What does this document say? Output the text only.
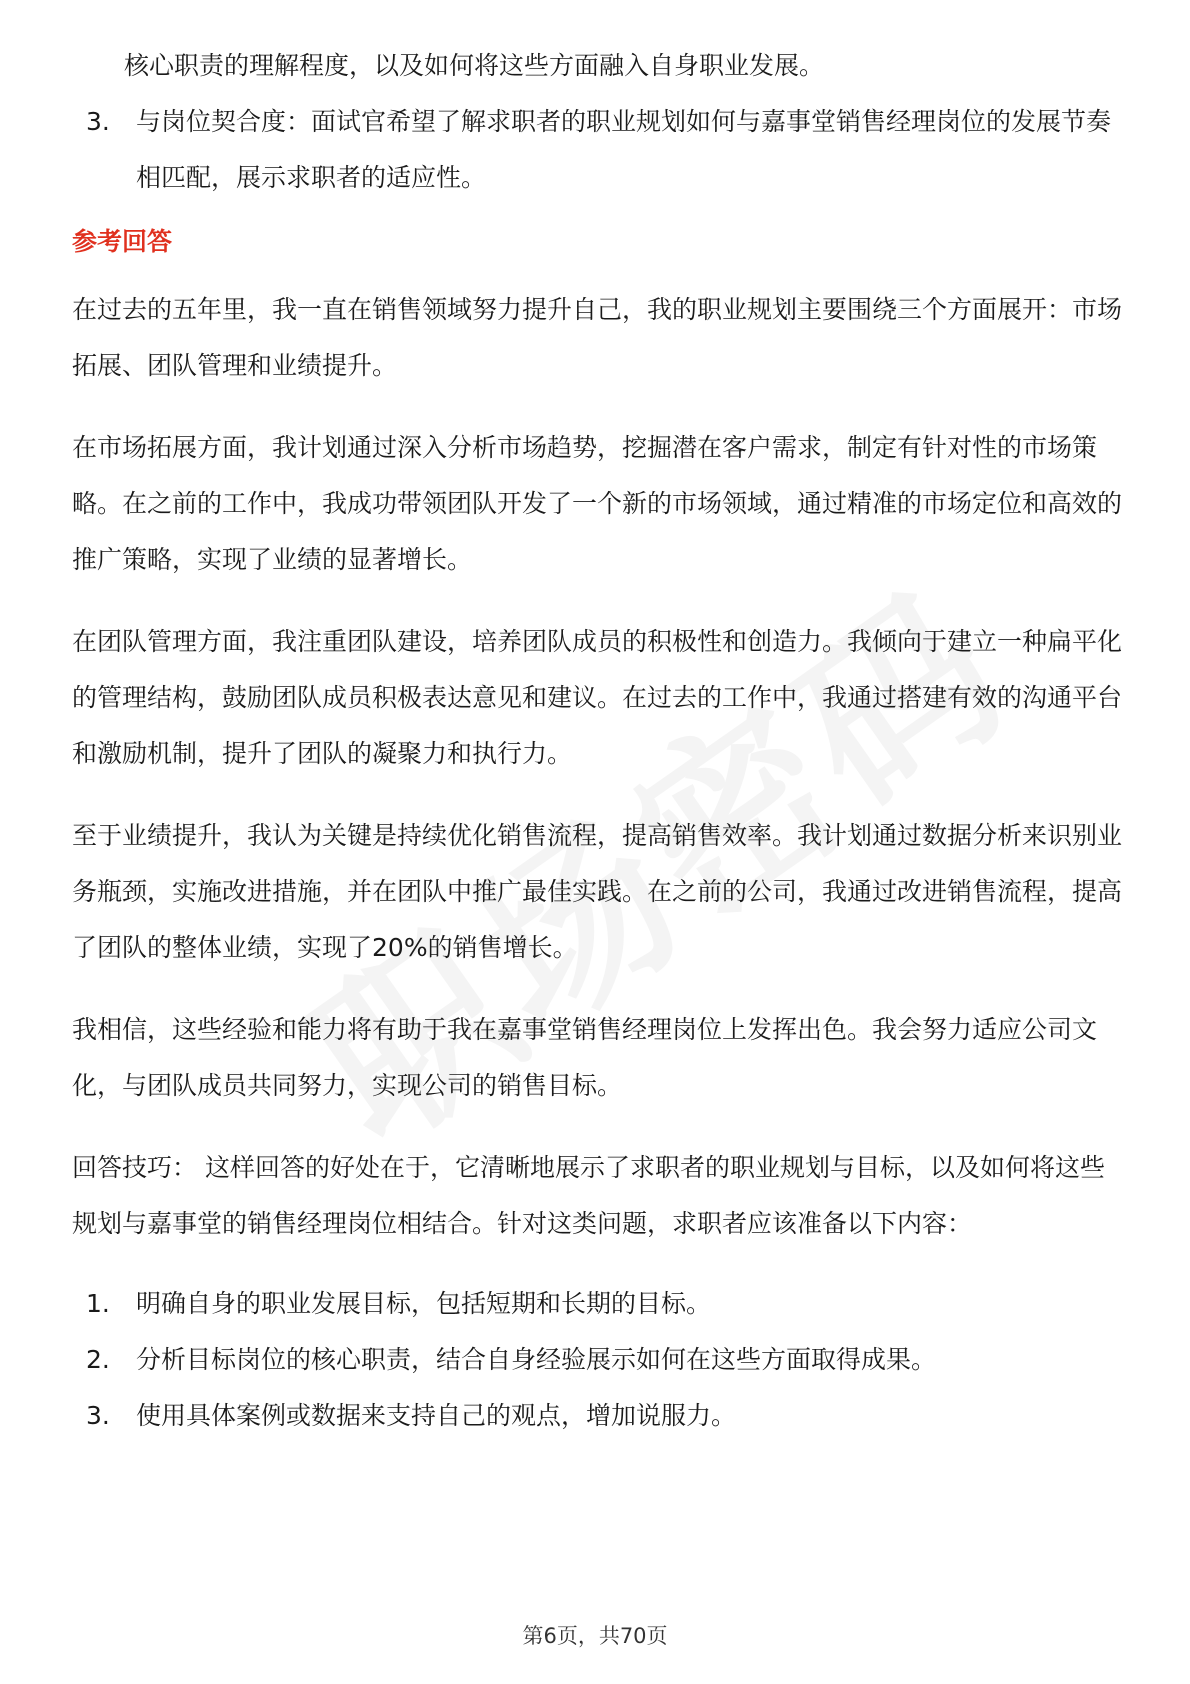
核心职责的理解程度，以及如何将这些方面融入自身职业发展。
3.	与岗位契合度：面试官希望了解求职者的职业规划如何与嘉事堂销售经理岗位的发展节奏相匹配，展示求职者的适应性。
参考回答
在过去的五年里，我一直在销售领域努力提升自己，我的职业规划主要围绕三个方面展开：市场拓展、团队管理和业绩提升。
在市场拓展方面，我计划通过深入分析市场趋势，挖掘潜在客户需求，制定有针对性的市场策略。在之前的工作中，我成功带领团队开发了一个新的市场领域，通过精准的市场定位和高效的推广策略，实现了业绩的显著增长。
在团队管理方面，我注重团队建设，培养团队成员的积极性和创造力。我倾向于建立一种扁平化的管理结构，鼓励团队成员积极表达意见和建议。在过去的工作中，我通过搭建有效的沟通平台和激励机制，提升了团队的凝聚力和执行力。
至于业绩提升，我认为关键是持续优化销售流程，提高销售效率。我计划通过数据分析来识别业务瓶颈，实施改进措施，并在团队中推广最佳实践。在之前的公司，我通过改进销售流程，提高了团队的整体业绩，实现了20%的销售增长。
我相信，这些经验和能力将有助于我在嘉事堂销售经理岗位上发挥出色。我会努力适应公司文化，与团队成员共同努力，实现公司的销售目标。
回答技巧： 这样回答的好处在于，它清晰地展示了求职者的职业规划与目标，以及如何将这些规划与嘉事堂的销售经理岗位相结合。针对这类问题，求职者应该准备以下内容：
1.	明确自身的职业发展目标，包括短期和长期的目标。
2.	分析目标岗位的核心职责，结合自身经验展示如何在这些方面取得成果。
3.	使用具体案例或数据来支持自己的观点，增加说服力。
第6页，共70页
